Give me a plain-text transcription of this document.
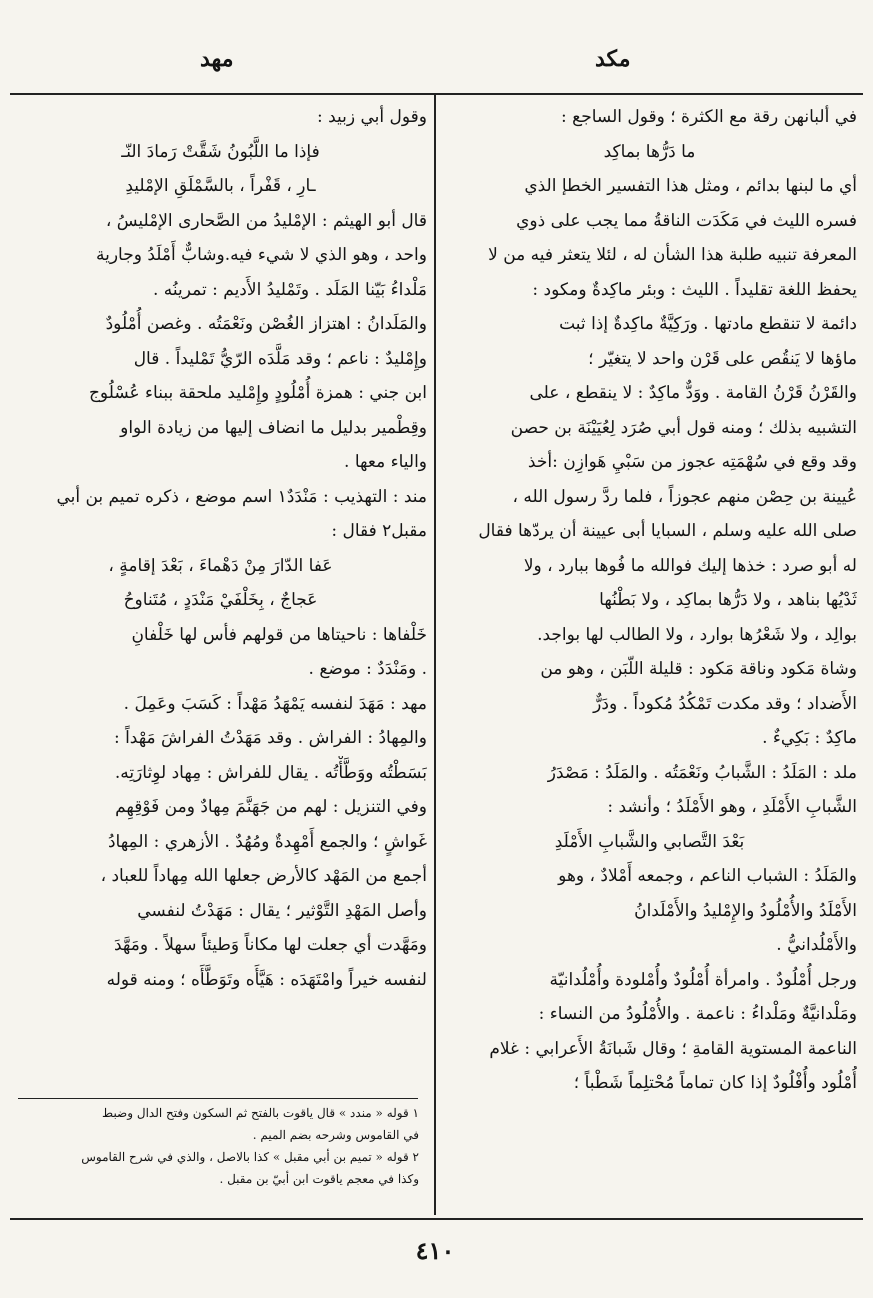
مكد
مهد
في ألبانهن رقة مع الكثرة ؛ وقول الساجع :
ما دَرُّها بماكِد
أي ما لبنها بدائم ، ومثل هذا التفسير الخطإ الذي
فسره الليث في مَكَدَت الناقةُ مما يجب على ذوي
المعرفة تنبيه طلبة هذا الشأن له ، لئلا يتعثر فيه من لا
يحفظ اللغة تقليداً . الليث : وبئر ماكِدةٌ ومكود :
دائمة لا تنقطع مادتها . ورَكِيَّةٌ ماكِدةٌ إذا ثبت
ماؤها لا يَنقُص على قَرْن واحد لا يتغيّر ؛
والقَرْنُ قَرْنُ القامة . ووَدٌّ ماكِدٌ : لا ينقطع ، على
التشبيه بذلك ؛ ومنه قول أبي صُرَد لِعُيَيْنَة بن حصن
وقد وقع في سُهْمَتِه عجوز من سَبْيِ هَوازِن :أخذ
عُيينة بن حِصْن منهم عجوزاً ، فلما ردَّ رسول الله ،
صلى الله عليه وسلم ، السبايا أبى عيينة أن يردّها فقال
له أبو صرد : خذها إليك فوالله ما فُوها ببارد ، ولا
ثَدْيُها بناهد ، ولا دَرُّها بماكِد ، ولا بَطْنُها
بوالِد ، ولا شَعْرُها بوارد ، ولا الطالب لها بواجد.
وشاة مَكود وناقة مَكود : قليلة اللّبَن ، وهو من
الأَضداد ؛ وقد مكدت تَمْكُدُ مُكوداً . ودَرٌّ
ماكِدٌ : بَكِيءٌ .
ملد : المَلَدُ : الشَّبابُ ونَعْمَتُه . والمَلَدُ : مَصْدَرُ
الشَّبابِ الأَمْلَدِ ، وهو الأَمْلَدُ ؛ وأنشد :
بَعْدَ التَّصابي والشَّبابِ الأَمْلَدِ
والمَلَدُ : الشباب الناعم ، وجمعه أَمْلادٌ ، وهو
الأَمْلَدُ والأُمْلُودُ والإِمْليدُ والأَمْلَدانُ
والأَمْلُدانيُّ .
ورجل أُمْلُودٌ . وامرأة أُمْلُودٌ وأُمْلودة وأُمْلُدانيّة
ومَلْدانيَّةٌ ومَلْداءُ : ناعمة . والأُمْلُودُ من النساء :
الناعمة المستوية القامةِ ؛ وقال شَبانَةُ الأَعرابي : غلام
أُمْلُود وأُفْلُودٌ إذا كان تماماً مُحْتلِماً شَطْباً ؛
وقول أبي زبيد :
فإذا ما اللَّبُونُ شَقَّتْ رَمادَ النّـ
ـارِ ، قَفْراً ، بالسَّمْلَقِ الإمْليدِ
قال أبو الهيثم : الإمْليدُ من الصَّحارى الإمْليسُ ،
واحد ، وهو الذي لا شيء فيه.وشابٌّ أَمْلَدُ وجارية
مَلْداءُ بَيّنا المَلَد . وتَمْليدُ الأَديم : تمرينُه .
والمَلَدانُ : اهتزاز الغُصْن ونَعْمَتُه . وغصن أُمْلُودٌ
وإِمْليدٌ : ناعم ؛ وقد مَلَّدَه الرّيُّ تَمْليداً . قال
ابن جني : همزة أُمْلُودٍ وإِمْليد ملحقة ببناء عُسْلُوج
وقِطْمير بدليل ما انضاف إليها من زيادة الواو
والياء معها .
مند : التهذيب : مَنْدَدٌ١ اسم موضع ، ذكره تميم بن أبي
مقبل٢ فقال :
عَفا الدّارَ مِنْ دَهْماءَ ، بَعْدَ إقامةٍ ،
عَجاجٌ ، بِخَلْفَيْ مَنْدَدٍ ، مُتَناوحُ
خَلْفاها : ناحيتاها من قولهم فأس لها خَلْفانِ
. ومَنْدَدٌ : موضع .
مهد : مَهَدَ لنفسه يَمْهَدُ مَهْداً : كَسَبَ وعَمِلَ .
والمِهادُ : الفراش . وقد مَهَدْتُ الفراشَ مَهْداً :
بَسَطْتُه ووَطَّأْتُه . يقال للفراش : مِهاد لوِثارَتِه.
وفي التنزيل : لهم من جَهَنَّمَ مِهادٌ ومن فَوْقِهِم
غَواشٍ ؛ والجمع أَمْهِدةٌ ومُهُدٌ . الأزهري : المِهادُ
أجمع من المَهْد كالأرض جعلها الله مِهاداً للعباد ،
وأصل المَهْدِ التَّوْثير ؛ يقال : مَهَدْتُ لنفسي
ومَهَّدت أي جعلت لها مكاناً وَطيئاً سهلاً . ومَهَّدَ
لنفسه خيراً وامْتَهَدَه : هَيَّأَه وتَوَطَّأَه ؛ ومنه قوله
١ قوله « مندد » قال ياقوت بالفتح ثم السكون وفتح الدال وضبط
في القاموس وشرحه بضم الميم .
٢ قوله « تميم بن أبي مقبل » كذا بالاصل ، والذي في شرح القاموس
وكذا في معجم ياقوت ابن أبيّ بن مقبل .
٤١٠
